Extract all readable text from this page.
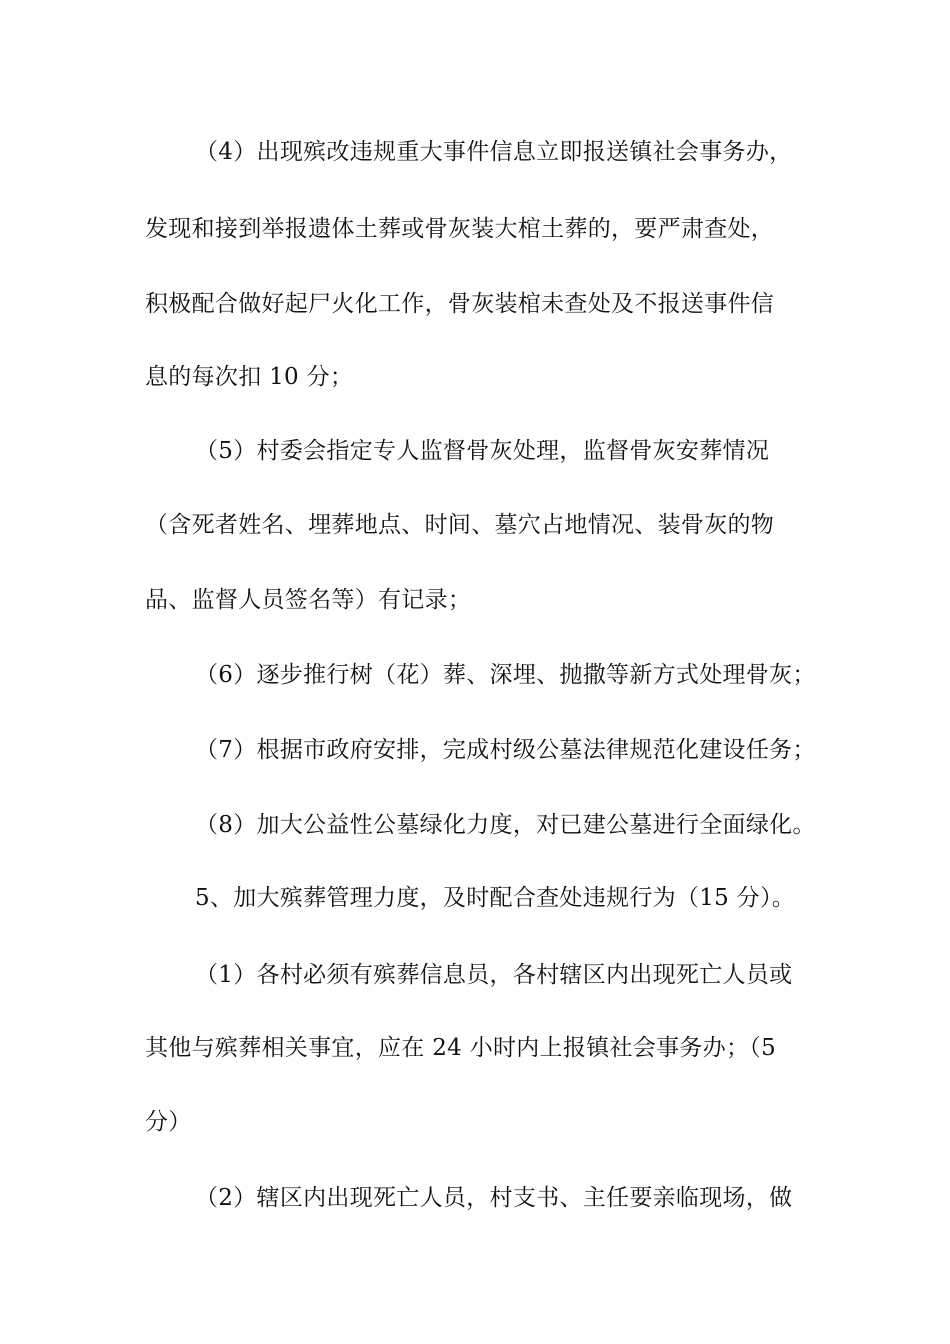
（4）出现殡改违规重大事件信息立即报送镇社会事务办，
发现和接到举报遗体土葬或骨灰装大棺土葬的，要严肃查处，
积极配合做好起尸火化工作，骨灰装棺未查处及不报送事件信
息的每次扣 10 分；
（5）村委会指定专人监督骨灰处理，监督骨灰安葬情况
（含死者姓名、埋葬地点、时间、墓穴占地情况、装骨灰的物
品、监督人员签名等）有记录；
（6）逐步推行树（花）葬、深埋、抛撒等新方式处理骨灰；
（7）根据市政府安排，完成村级公墓法律规范化建设任务；
（8）加大公益性公墓绿化力度，对已建公墓进行全面绿化。
5、加大殡葬管理力度，及时配合查处违规行为（15 分）。
（1）各村必须有殡葬信息员，各村辖区内出现死亡人员或
其他与殡葬相关事宜，应在 24 小时内上报镇社会事务办；（5
分）
（2）辖区内出现死亡人员，村支书、主任要亲临现场，做
